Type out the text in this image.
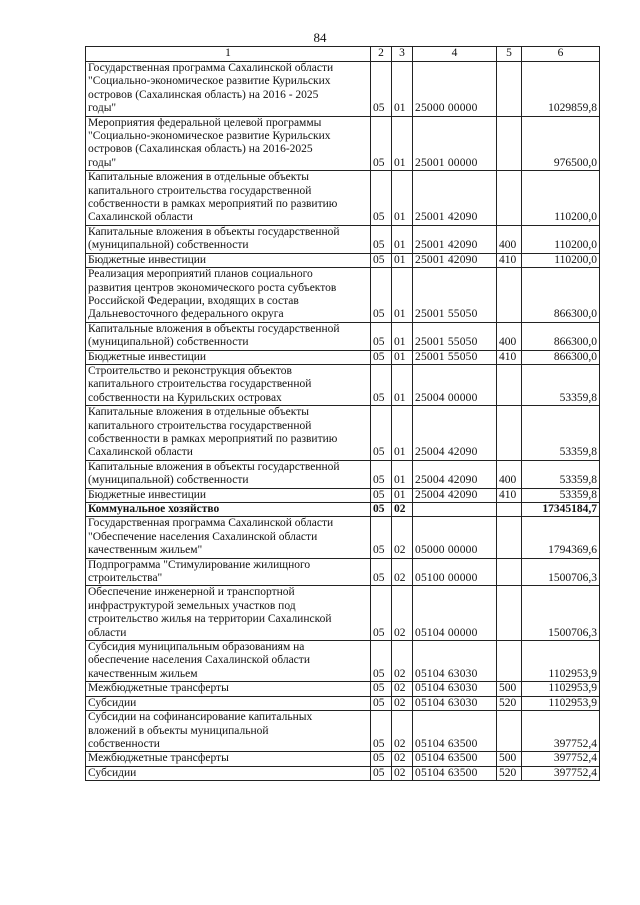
84
1	2	3	4	5	6
Государственная программа Сахалинской области
"Социально-экономическое развитие Курильских
островов (Сахалинская область) на 2016 - 2025
годы"	05	01	25000 00000		1029859,8
Мероприятия федеральной целевой программы
"Социально-экономическое развитие Курильских
островов (Сахалинская область) на 2016-2025
годы"	05	01	25001 00000		976500,0
Капитальные вложения в отдельные объекты
капитального строительства государственной
собственности в рамках мероприятий по развитию
Сахалинской области	05	01	25001 42090		110200,0
Капитальные вложения в объекты государственной
(муниципальной) собственности	05	01	25001 42090	400	110200,0
Бюджетные инвестиции	05	01	25001 42090	410	110200,0
Реализация мероприятий планов социального
развития центров экономического роста субъектов
Российской Федерации, входящих в состав
Дальневосточного федерального округа	05	01	25001 55050		866300,0
Капитальные вложения в объекты государственной
(муниципальной) собственности	05	01	25001 55050	400	866300,0
Бюджетные инвестиции	05	01	25001 55050	410	866300,0
Строительство и реконструкция объектов
капитального строительства государственной
собственности на Курильских островах	05	01	25004 00000		53359,8
Капитальные вложения в отдельные объекты
капитального строительства государственной
собственности в рамках мероприятий по развитию
Сахалинской области	05	01	25004 42090		53359,8
Капитальные вложения в объекты государственной
(муниципальной) собственности	05	01	25004 42090	400	53359,8
Бюджетные инвестиции	05	01	25004 42090	410	53359,8
Коммунальное хозяйство	05	02			17345184,7
Государственная программа Сахалинской области
"Обеспечение населения Сахалинской области
качественным жильем"	05	02	05000 00000		1794369,6
Подпрограмма "Стимулирование жилищного
строительства"	05	02	05100 00000		1500706,3
Обеспечение инженерной и транспортной
инфраструктурой земельных участков под
строительство жилья на территории Сахалинской
области	05	02	05104 00000		1500706,3
Субсидия муниципальным образованиям на
обеспечение населения Сахалинской области
качественным жильем	05	02	05104 63030		1102953,9
Межбюджетные трансферты	05	02	05104 63030	500	1102953,9
Субсидии	05	02	05104 63030	520	1102953,9
Субсидии на софинансирование капитальных
вложений в объекты муниципальной
собственности	05	02	05104 63500		397752,4
Межбюджетные трансферты	05	02	05104 63500	500	397752,4
Субсидии	05	02	05104 63500	520	397752,4
